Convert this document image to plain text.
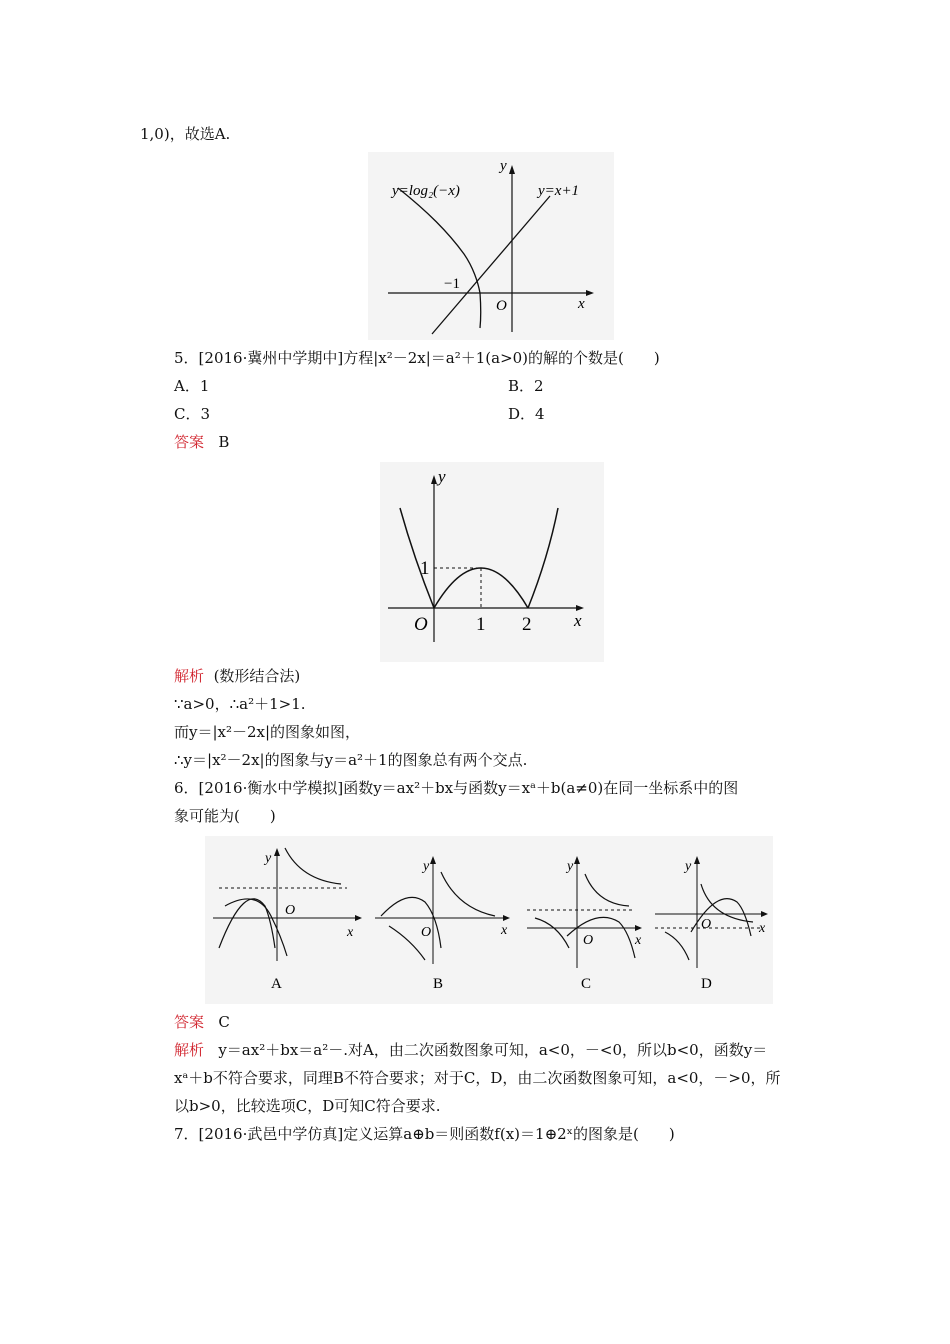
1,0)，故选A.
y=log₂(−x)	y=x+1
y
x
O
−1
5．[2016·冀州中学期中]方程|x²－2x|＝a²＋1(a>0)的解的个数是(　　)
A．1	B．2
C．3	D．4
答案 B
y
x
O	1 2
1
解析 (数形结合法)
∵a>0，∴a²＋1>1.
而y＝|x²－2x|的图象如图，
∴y＝|x²－2x|的图象与y＝a²＋1的图象总有两个交点.
6．[2016·衡水中学模拟]函数y＝ax²＋bx与函数y＝xᵃ＋b(a≠0)在同一坐标系中的图
象可能为(　　)
y
x
O
A
y
x
O
B
y
x
O
C
y
x
O
D
答案 C
解析 y＝ax²＋bx＝a²－.对A，由二次函数图象可知，a<0，－<0，所以b<0，函数y＝
xᵃ＋b不符合要求，同理B不符合要求；对于C，D，由二次函数图象可知，a<0，－>0，所
以b>0，比较选项C，D可知C符合要求.
7．[2016·武邑中学仿真]定义运算a⊕b＝则函数f(x)＝1⊕2ˣ的图象是(　　)
